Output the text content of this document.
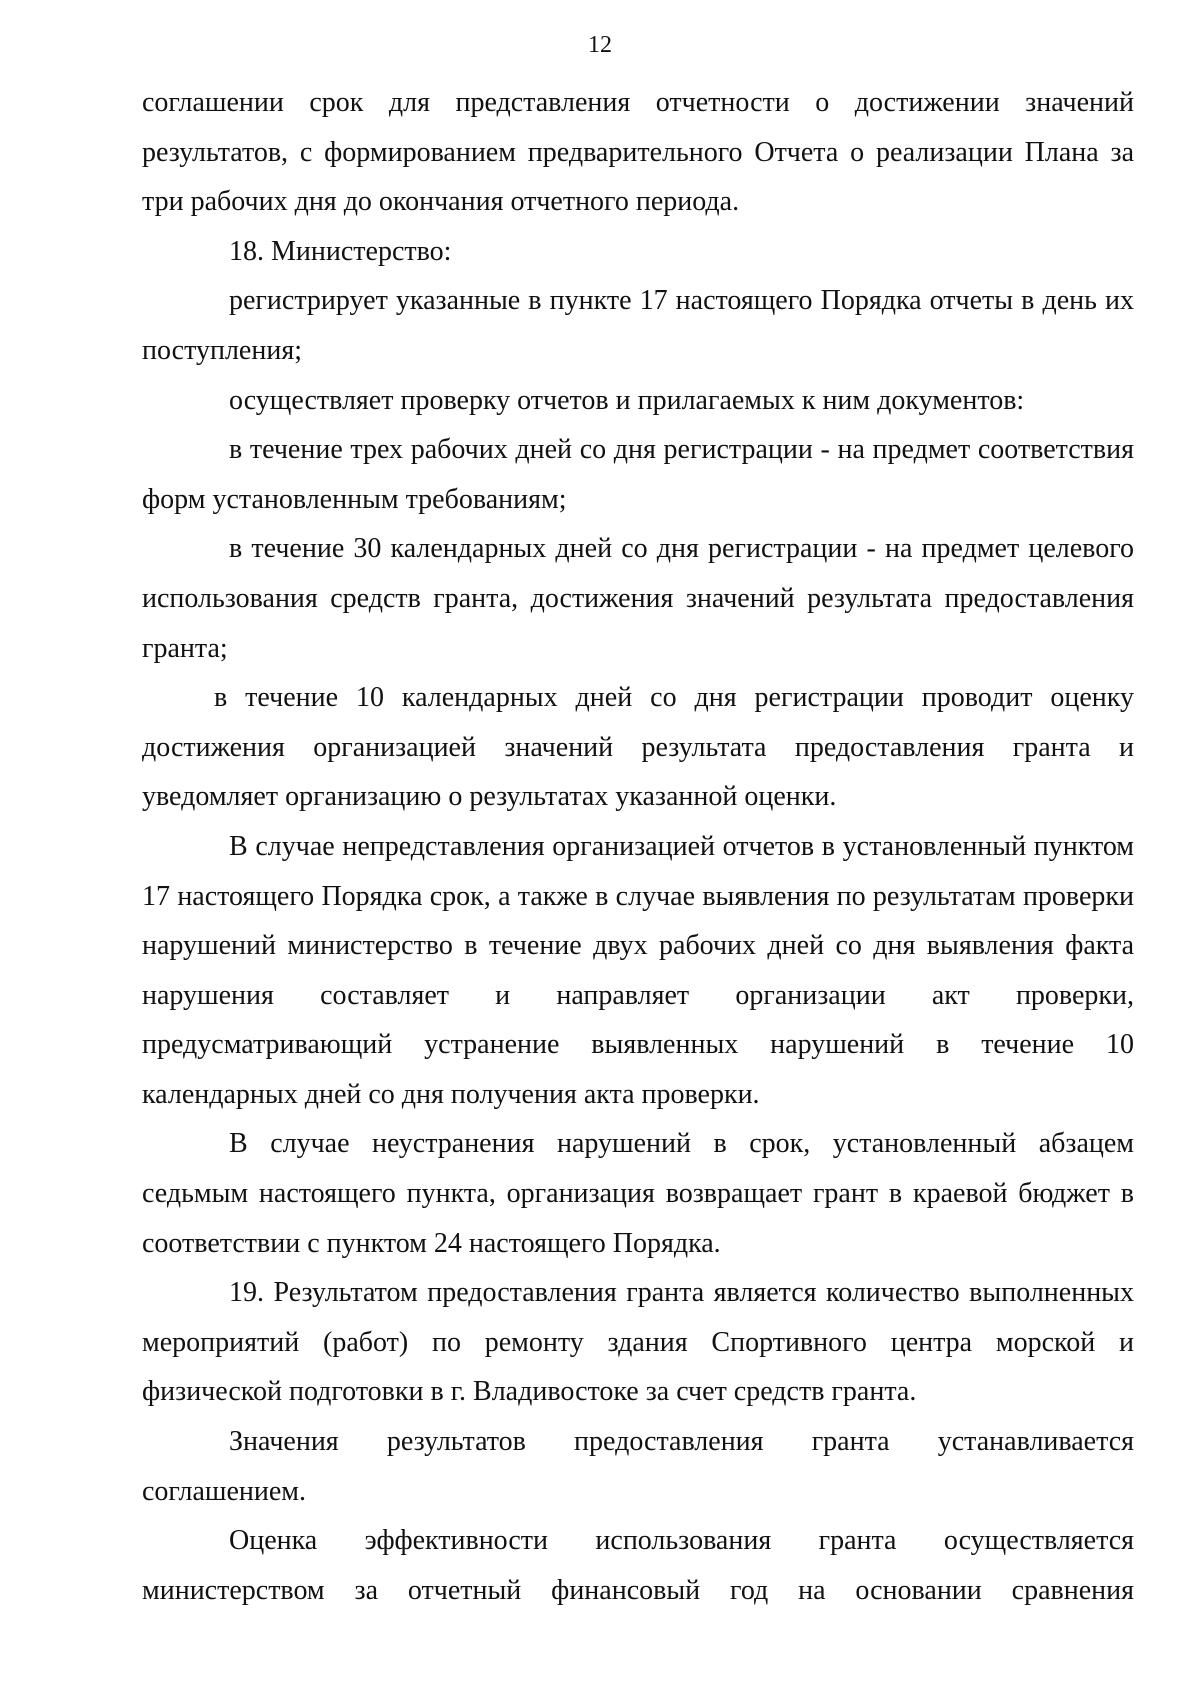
12

соглашении срок для представления отчетности о достижении значений результатов, с формированием предварительного Отчета о реализации Плана за три рабочих дня до окончания отчетного периода.

18. Министерство:

регистрирует указанные в пункте 17 настоящего Порядка отчеты в день их поступления;

осуществляет проверку отчетов и прилагаемых к ним документов:

в течение трех рабочих дней со дня регистрации - на предмет соответствия форм установленным требованиям;

в течение 30 календарных дней со дня регистрации - на предмет целевого использования средств гранта, достижения значений результата предоставления гранта;

в течение 10 календарных дней со дня регистрации проводит оценку достижения организацией значений результата предоставления гранта и уведомляет организацию о результатах указанной оценки.

В случае непредставления организацией отчетов в установленный пунктом 17 настоящего Порядка срок, а также в случае выявления по результатам проверки нарушений министерство в течение двух рабочих дней со дня выявления факта нарушения составляет и направляет организации акт проверки, предусматривающий устранение выявленных нарушений в течение 10 календарных дней со дня получения акта проверки.

В случае неустранения нарушений в срок, установленный абзацем седьмым настоящего пункта, организация возвращает грант в краевой бюджет в соответствии с пунктом 24 настоящего Порядка.

19. Результатом предоставления гранта является количество выполненных мероприятий (работ) по ремонту здания Спортивного центра морской и физической подготовки в г. Владивостоке за счет средств гранта.

Значения результатов предоставления гранта устанавливается соглашением.

Оценка эффективности использования гранта осуществляется министерством за отчетный финансовый год на основании сравнения
